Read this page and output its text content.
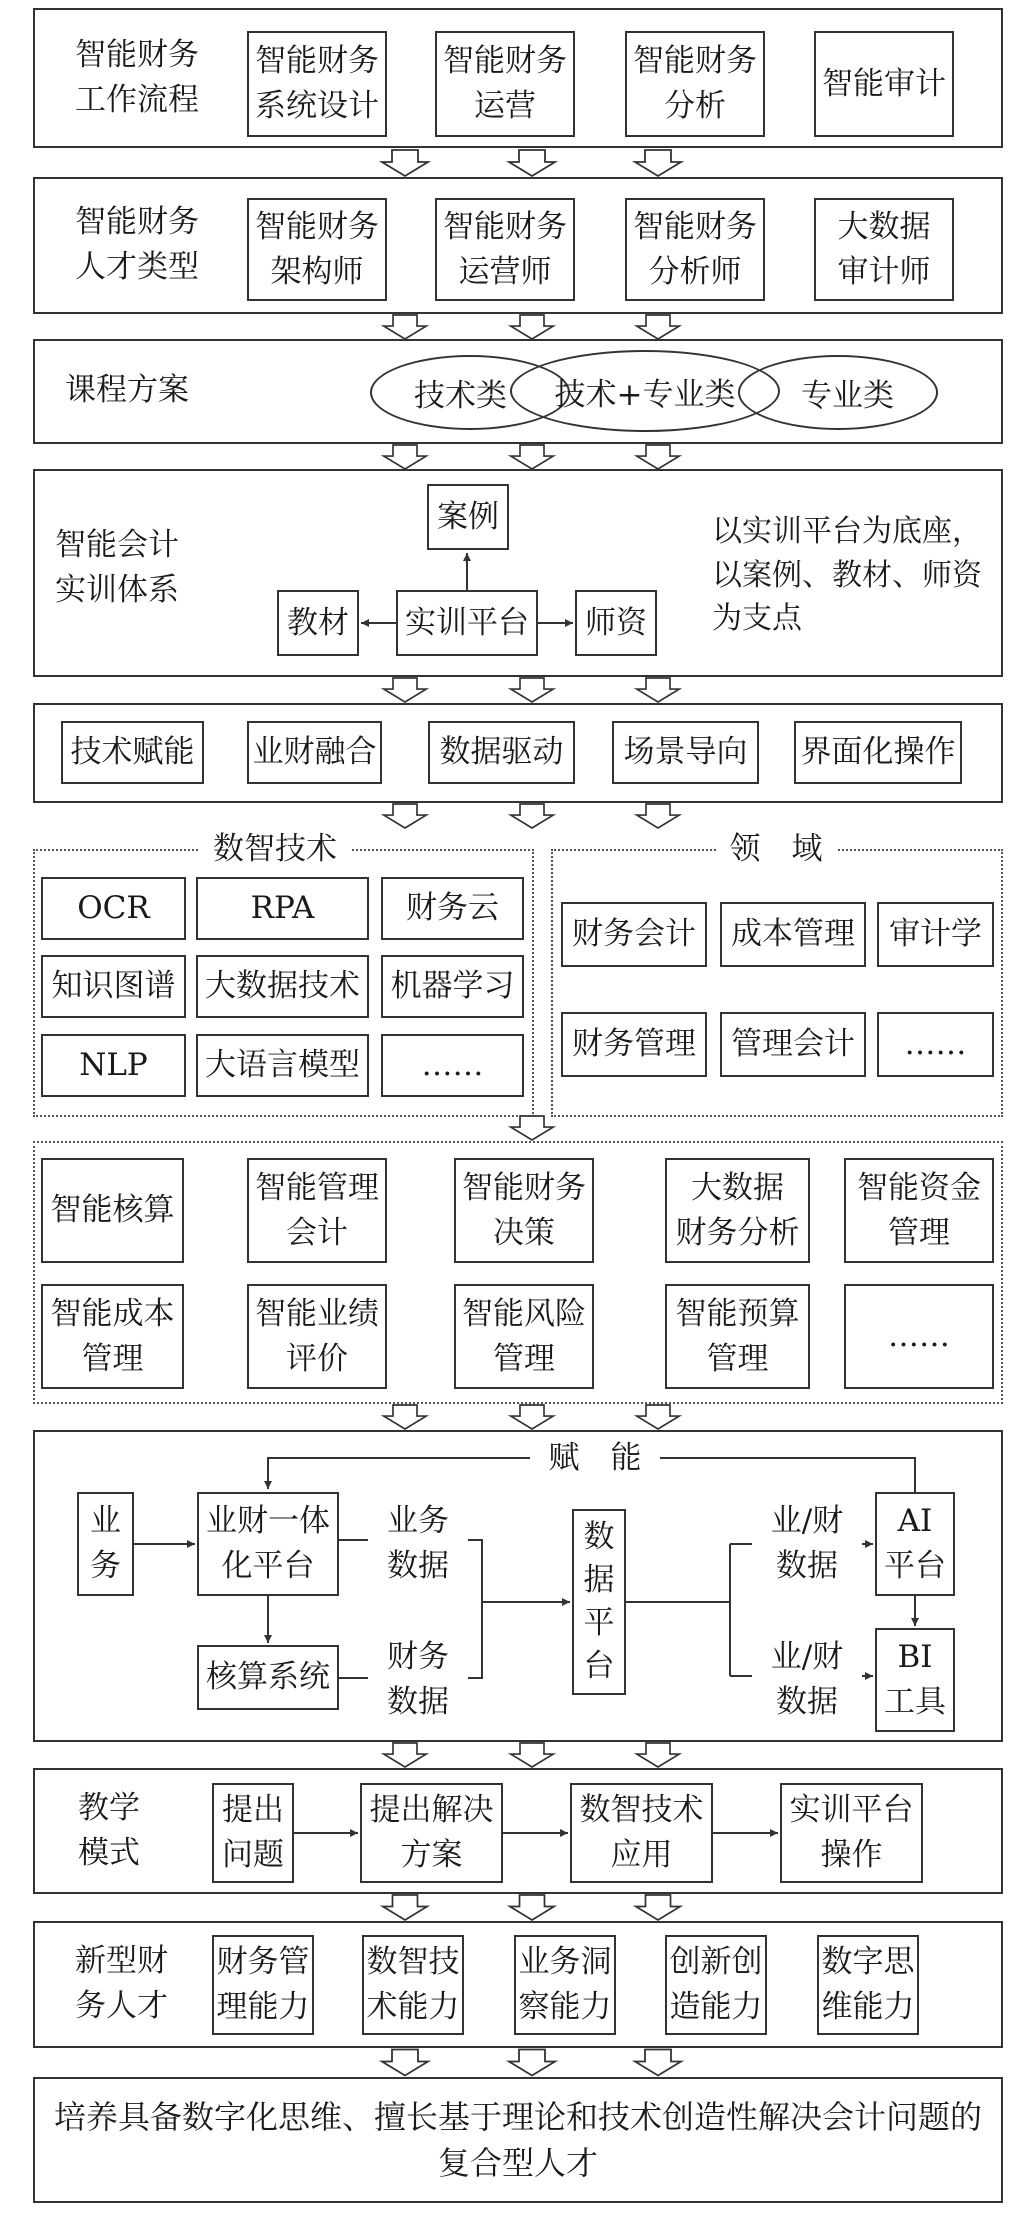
智能财务
工作流程
智能财务
系统设计
智能财务
运营
智能财务
分析
智能审计
智能财务
人才类型
智能财务
架构师
智能财务
运营师
智能财务
分析师
大数据
审计师
课程方案	技术类	专业类
技术+专业类
智能会计
实训体系
案例
实训平台
教材	师资
以实训平台为底座，
以案例、教材、师资
为支点
技术赋能	业财融合	数据驱动	场景导向	界面化操作
数智技术
OCR	RPA	财务云
知识图谱 大数据技术 机器学习
NLP	大语言模型	……
领　域
财务会计	成本管理	审计学
财务管理	管理会计	……
智能核算
智能管理
会计
智能财务
决策
大数据
财务分析
智能资金
管理
智能成本
管理
智能业绩
评价
智能风险
管理
智能预算
管理
……
赋　能
业
务
业财一体
化平台
核算系统
业务
数据
财务
数据
数
据
平
台
业/财
数据
业/财
数据
AI
平台
BI
工具
教学
模式
提出
问题
提出解决
方案
数智技术
应用
实训平台
操作
新型财
务人才
财务管
理能力
数智技
术能力
业务洞
察能力
创新创
造能力
数字思
维能力
培养具备数字化思维、擅长基于理论和技术创造性解决会计问题的
复合型人才
